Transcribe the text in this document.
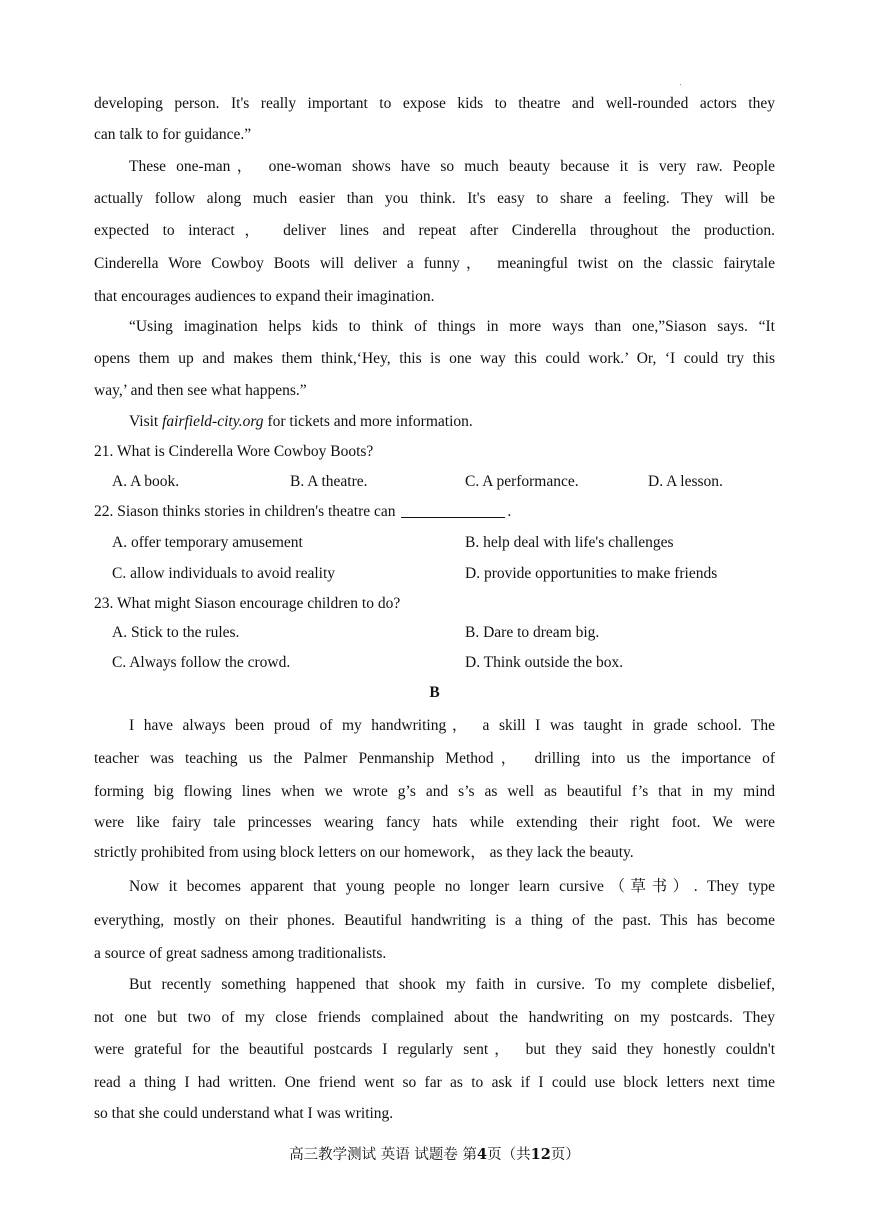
developing person. It's really important to expose kids to theatre and well-rounded actors they
can talk to for guidance.”
These one-man， one-woman shows have so much beauty because it is very raw. People
actually follow along much easier than you think. It's easy to share a feeling. They will be
expected to interact， deliver lines and repeat after Cinderella throughout the production.
Cinderella Wore Cowboy Boots will deliver a funny， meaningful twist on the classic fairytale
that encourages audiences to expand their imagination.
“Using imagination helps kids to think of things in more ways than one,”Siason says. “It
opens them up and makes them think,‘Hey, this is one way this could work.’ Or, ‘I could try this
way,’ and then see what happens.”
Visit fairfield-city.org for tickets and more information.
21. What is Cinderella Wore Cowboy Boots?
A. A book.	B. A theatre.	C. A performance.	D. A lesson.
22. Siason thinks stories in children's theatre can	.
A. offer temporary amusement	B. help deal with life's challenges
C. allow individuals to avoid reality	D. provide opportunities to make friends
23. What might Siason encourage children to do?
A. Stick to the rules.	B. Dare to dream big.
C. Always follow the crowd.	D. Think outside the box.
B
I have always been proud of my handwriting， a skill I was taught in grade school. The
teacher was teaching us the Palmer Penmanship Method， drilling into us the importance of
forming big flowing lines when we wrote g’s and s’s as well as beautiful f’s that in my mind
were like fairy tale princesses wearing fancy hats while extending their right foot. We were
strictly prohibited from using block letters on our homework， as they lack the beauty.
Now it becomes apparent that young people no longer learn cursive（草书）. They type
everything, mostly on their phones. Beautiful handwriting is a thing of the past. This has become
a source of great sadness among traditionalists.
But recently something happened that shook my faith in cursive. To my complete disbelief,
not one but two of my close friends complained about the handwriting on my postcards. They
were grateful for the beautiful postcards I regularly sent， but they said they honestly couldn't
read a thing I had written. One friend went so far as to ask if I could use block letters next time
so that she could understand what I was writing.
高三教学测试 英语 试题卷 第4页（共12页）
